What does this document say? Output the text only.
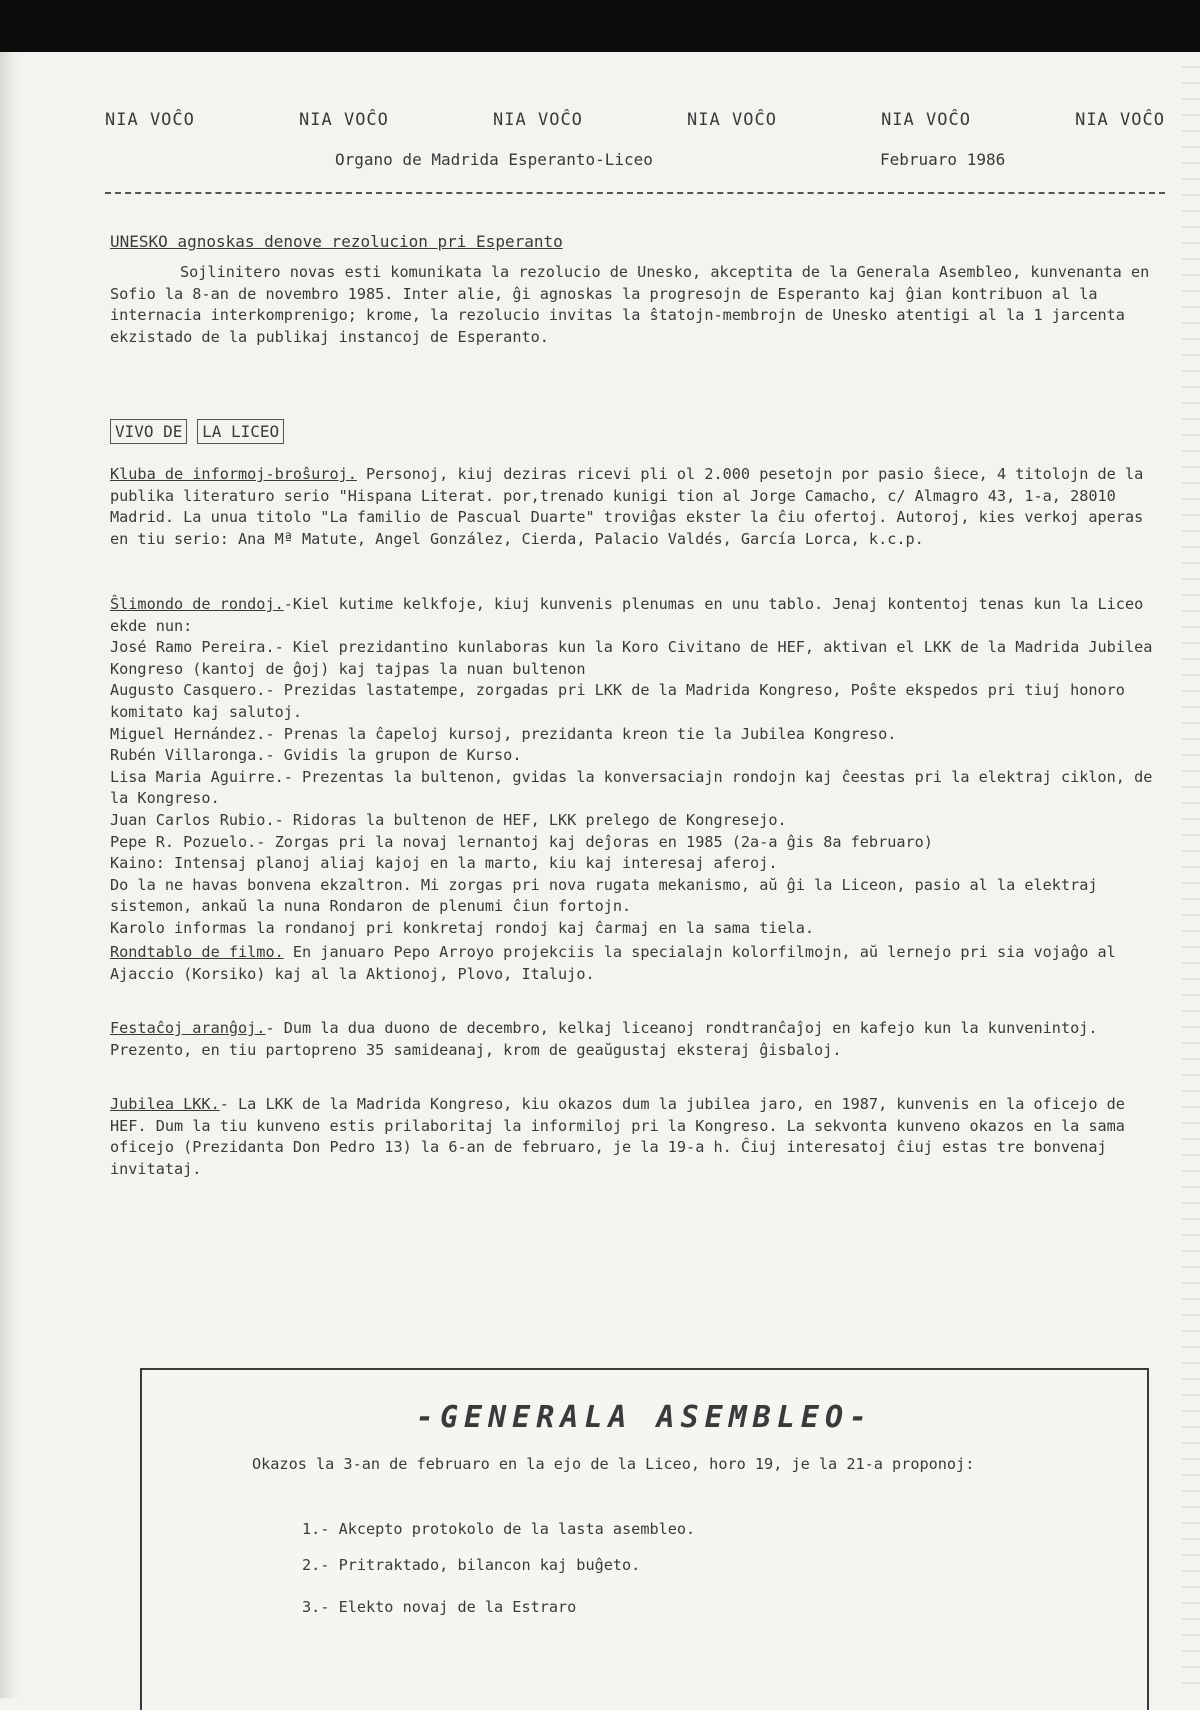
NIA VOĈO	NIA VOĈO	NIA VOĈO	NIA VOĈO	NIA VOĈO	NIA VOĈO
Organo de Madrida Esperanto-Liceo	Februaro 1986
UNESKO agnoskas denove rezolucion pri Esperanto
Sojlinitero novas esti komunikata la rezolucio de Unesko, akceptita de la Generala Asembleo, kunvenanta en Sofio la 8-an de novembro 1985. Inter alie, ĝi agnoskas la progresojn de Esperanto kaj ĝian kontribuon al la internacia interkomprenigo; krome, la rezolucio invitas la ŝtatojn-membrojn de Unesko atentigi al la 1 jarcenta ekzistado de la publikaj instancoj de Esperanto.
VIVO DE LA LICEO
Kluba de informoj-broŝuroj. Personoj, kiuj deziras ricevi pli ol 2.000 pesetojn por pasio ŝiece, 4 titolojn de la publika literaturo serio "Hispana Literat. por,trenado kunigi tion al Jorge Camacho, c/ Almagro 43, 1-a, 28010 Madrid. La unua titolo "La familio de Pascual Duarte" troviĝas ekster la ĉiu ofertoj. Autoroj, kies verkoj aperas en tiu serio: Ana Mª Matute, Angel González, Cierda, Palacio Valdés, García Lorca, k.c.p.
Ŝlimondo de rondoj.-Kiel kutime kelkfoje, kiuj kunvenis plenumas en unu tablo. Jenaj kontentoj tenas kun la Liceo ekde nun:
José Ramo Pereira.- Kiel prezidantino kunlaboras kun la Koro Civitano de HEF, aktivan el LKK de la Madrida Jubilea Kongreso (kantoj de ĝoj) kaj tajpas la nuan bultenon
Augusto Casquero.- Prezidas lastatempe, zorgadas pri LKK de la Madrida Kongreso, Poŝte ekspedos pri tiuj honoro komitato kaj salutoj.
Miguel Hernández.- Prenas la ĉapeloj kursoj, prezidanta kreon tie la Jubilea Kongreso.
Rubén Villaronga.- Gvidis la grupon de Kurso.
Lisa Maria Aguirre.- Prezentas la bultenon, gvidas la konversaciajn rondojn kaj ĉeestas pri la elektraj ciklon, de la Kongreso.
Juan Carlos Rubio.- Ridoras la bultenon de HEF, LKK prelego de Kongresejo.
Pepe R. Pozuelo.- Zorgas pri la novaj lernantoj kaj deĵoras en 1985 (2a-a ĝis 8a februaro)
Kaino: Intensaj planoj aliaj kajoj en la marto, kiu kaj interesaj aferoj.
Do la ne havas bonvena ekzaltron. Mi zorgas pri nova rugata mekanismo, aŭ ĝi la Liceon, pasio al la elektraj sistemon, ankaŭ la nuna Rondaron de plenumi ĉiun fortojn.
Karolo informas la rondanoj pri konkretaj rondoj kaj ĉarmaj en la sama tiela.
Rondtablo de filmo. En januaro Pepo Arroyo projekciis la specialajn kolorfilmojn, aŭ lernejo pri sia vojaĝo al Ajaccio (Korsiko) kaj al la Aktionoj, Plovo, Italujo.
Festaĉoj aranĝoj.- Dum la dua duono de decembro, kelkaj liceanoj rondtranĉaĵoj en kafejo kun la kunvenintoj. Prezento, en tiu partopreno 35 samideanaj, krom de geaŭgustaj eksteraj ĝisbaloj.
Jubilea LKK.- La LKK de la Madrida Kongreso, kiu okazos dum la jubilea jaro, en 1987, kunvenis en la oficejo de HEF. Dum la tiu kunveno estis prilaboritaj la informiloj pri la Kongreso. La sekvonta kunveno okazos en la sama oficejo (Prezidanta Don Pedro 13) la 6-an de februaro, je la 19-a h. Ĉiuj interesatoj ĉiuj estas tre bonvenaj invitataj.
-GENERALA ASEMBLEO-
Okazos la 3-an de februaro en la ejo de la Liceo, horo 19, je la 21-a proponoj:
1.- Akcepto protokolo de la lasta asembleo.
2.- Pritraktado, bilancon kaj buĝeto.
3.- Elekto novaj de la Estraro
